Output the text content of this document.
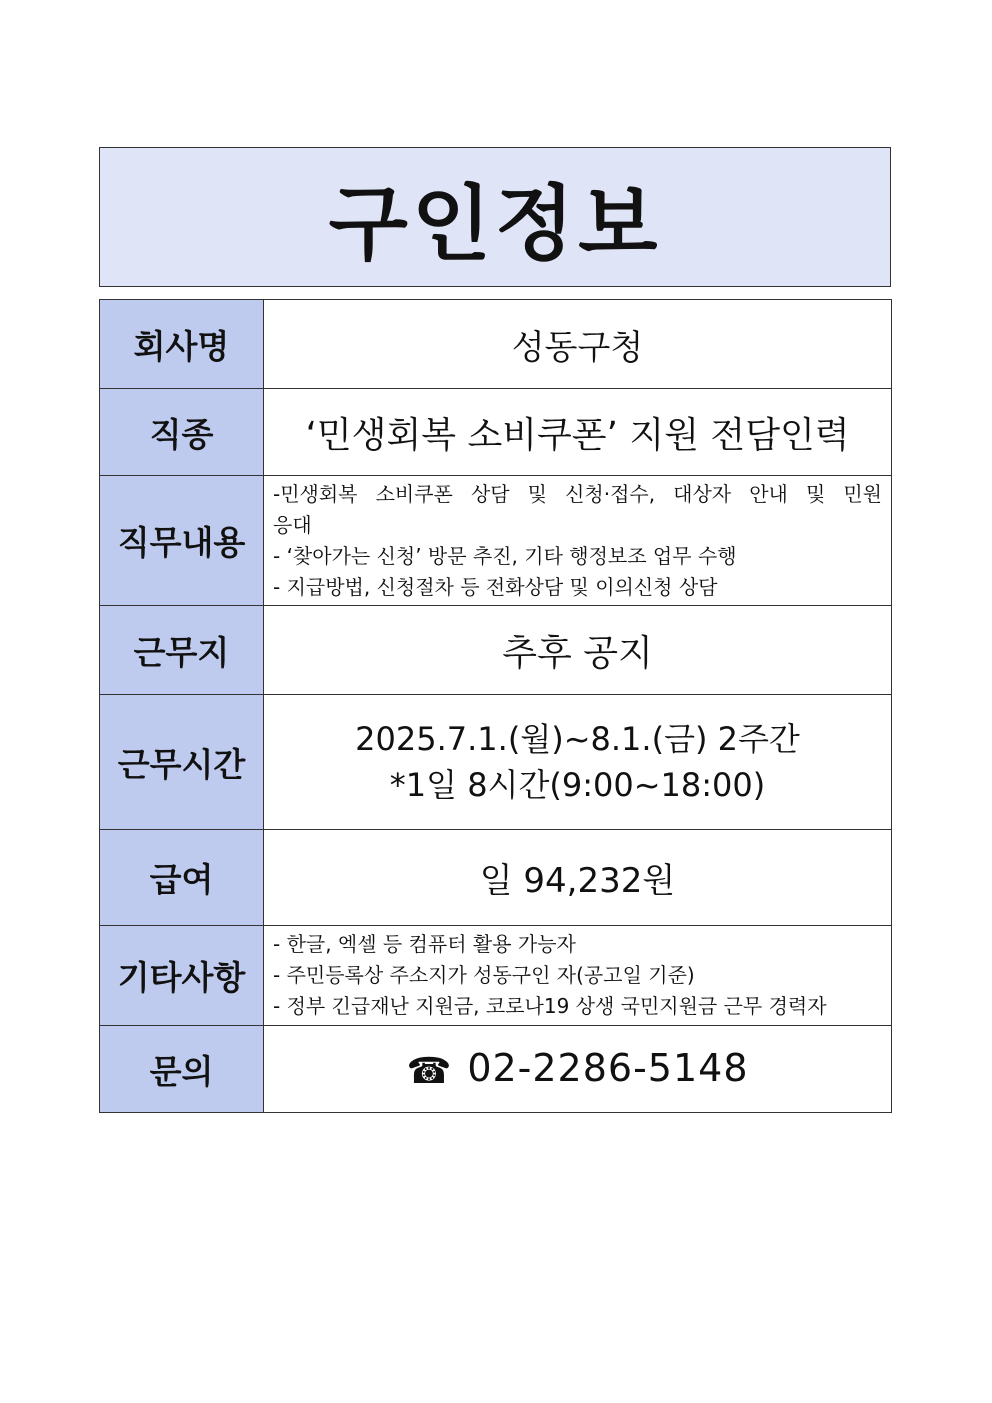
구인정보
회사명	성동구청
직종	‘민생회복 소비쿠폰’ 지원 전담인력
직무내용	-민생회복 소비쿠폰 상담 및 신청·접수, 대상자 안내 및 민원
응대
- ‘찾아가는 신청’ 방문 추진, 기타 행정보조 업무 수행
- 지급방법, 신청절차 등 전화상담 및 이의신청 상담

근무지	추후 공지
근무시간	2025.7.1.(월)~8.1.(금) 2주간
*1일 8시간(9:00~18:00)

급여	일 94,232원
기타사항	- 한글, 엑셀 등 컴퓨터 활용 가능자
- 주민등록상 주소지가 성동구인 자(공고일 기준)
- 정부 긴급재난 지원금, 코로나19 상생 국민지원금 근무 경력자

문의	☎ 02-2286-5148
